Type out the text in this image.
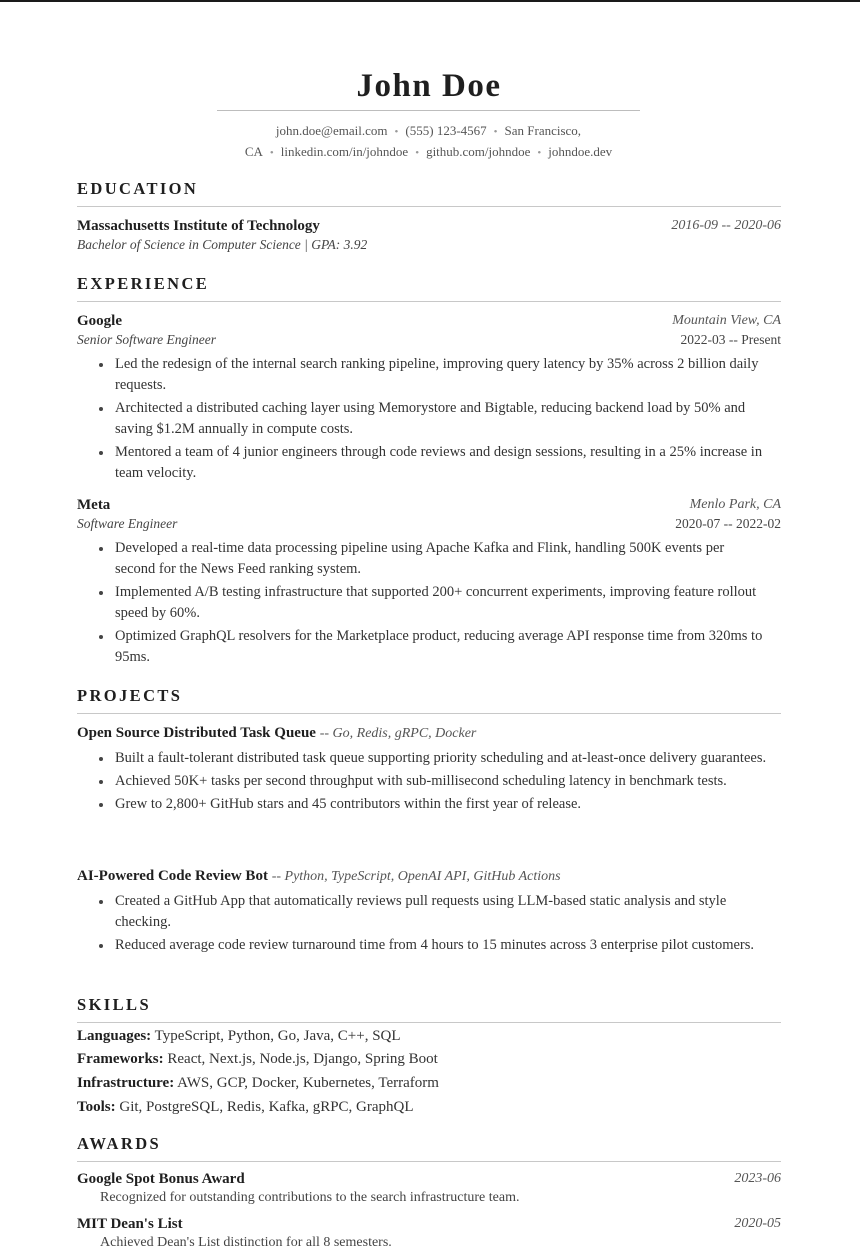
John Doe
john.doe@email.com • (555) 123-4567 • San Francisco,
CA • linkedin.com/in/johndoe • github.com/johndoe • johndoe.dev
EDUCATION
Massachusetts Institute of Technology	2016-09 -- 2020-06
Bachelor of Science in Computer Science | GPA: 3.92
EXPERIENCE
Google	Mountain View, CA
Senior Software Engineer	2022-03 -- Present
Led the redesign of the internal search ranking pipeline, improving query latency by 35% across 2 billion daily requests.
Architected a distributed caching layer using Memorystore and Bigtable, reducing backend load by 50% and saving $1.2M annually in compute costs.
Mentored a team of 4 junior engineers through code reviews and design sessions, resulting in a 25% increase in team velocity.
Meta	Menlo Park, CA
Software Engineer	2020-07 -- 2022-02
Developed a real-time data processing pipeline using Apache Kafka and Flink, handling 500K events per second for the News Feed ranking system.
Implemented A/B testing infrastructure that supported 200+ concurrent experiments, improving feature rollout speed by 60%.
Optimized GraphQL resolvers for the Marketplace product, reducing average API response time from 320ms to 95ms.
PROJECTS
Open Source Distributed Task Queue -- Go, Redis, gRPC, Docker
Built a fault-tolerant distributed task queue supporting priority scheduling and at-least-once delivery guarantees.
Achieved 50K+ tasks per second throughput with sub-millisecond scheduling latency in benchmark tests.
Grew to 2,800+ GitHub stars and 45 contributors within the first year of release.
AI-Powered Code Review Bot -- Python, TypeScript, OpenAI API, GitHub Actions
Created a GitHub App that automatically reviews pull requests using LLM-based static analysis and style checking.
Reduced average code review turnaround time from 4 hours to 15 minutes across 3 enterprise pilot customers.
SKILLS
Languages: TypeScript, Python, Go, Java, C++, SQL
Frameworks: React, Next.js, Node.js, Django, Spring Boot
Infrastructure: AWS, GCP, Docker, Kubernetes, Terraform
Tools: Git, PostgreSQL, Redis, Kafka, gRPC, GraphQL
AWARDS
Google Spot Bonus Award	2023-06
Recognized for outstanding contributions to the search infrastructure team.
MIT Dean's List	2020-05
Achieved Dean's List distinction for all 8 semesters.
